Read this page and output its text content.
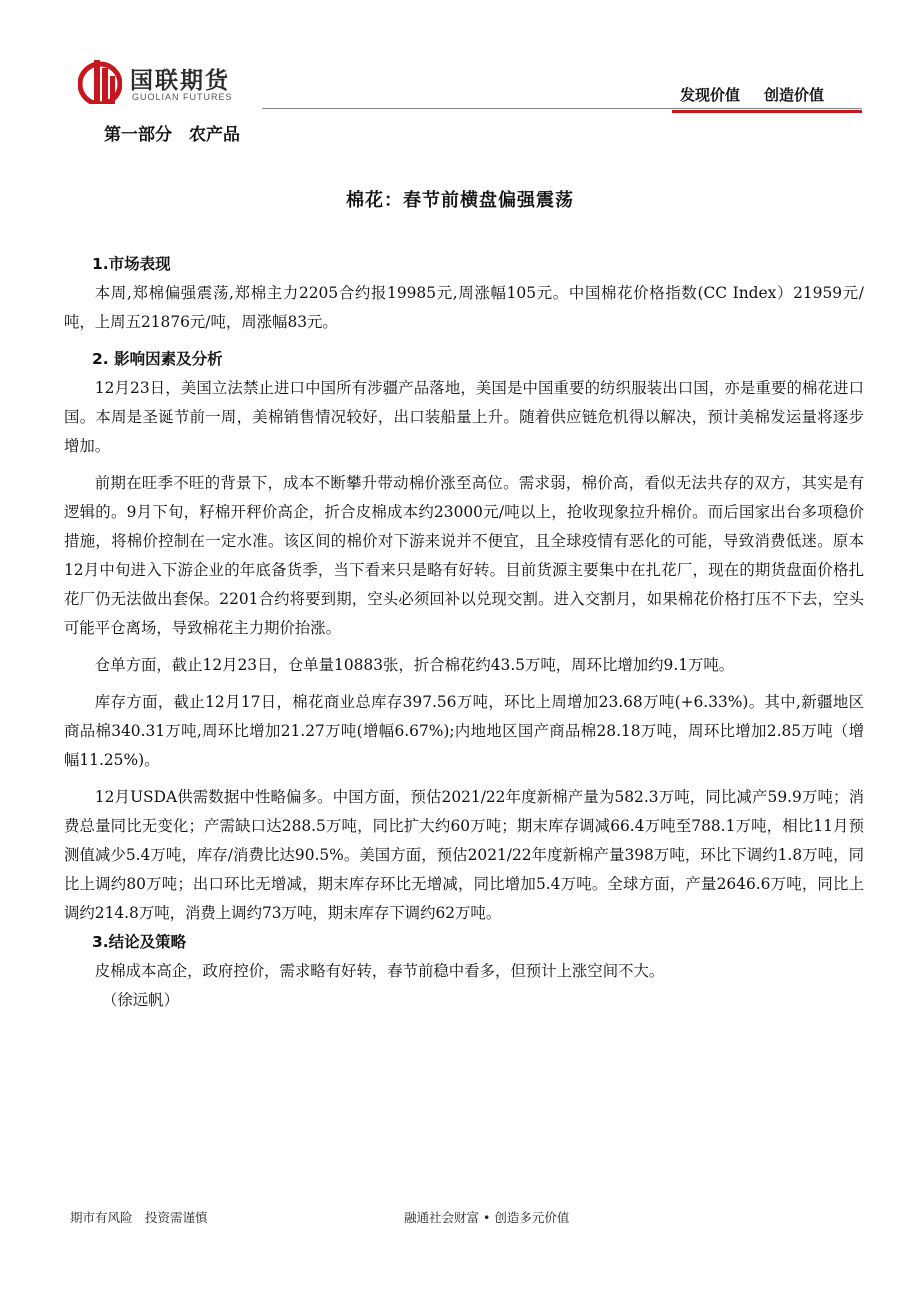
国联期货
GUOLIAN FUTURES	发现价值 创造价值
第一部分　农产品
棉花：春节前横盘偏强震荡
1.市场表现

本周,郑棉偏强震荡,郑棉主力2205合约报19985元,周涨幅105元。中国棉花价格指数(CC Index）21959元/吨，上周五21876元/吨，周涨幅83元。

2. 影响因素及分析

12月23日，美国立法禁止进口中国所有涉疆产品落地，美国是中国重要的纺织服装出口国，亦是重要的棉花进口国。本周是圣诞节前一周，美棉销售情况较好，出口装船量上升。随着供应链危机得以解决，预计美棉发运量将逐步增加。

前期在旺季不旺的背景下，成本不断攀升带动棉价涨至高位。需求弱，棉价高，看似无法共存的双方，其实是有逻辑的。9月下旬，籽棉开秤价高企，折合皮棉成本约23000元/吨以上，抢收现象拉升棉价。而后国家出台多项稳价措施，将棉价控制在一定水准。该区间的棉价对下游来说并不便宜，且全球疫情有恶化的可能，导致消费低迷。原本12月中旬进入下游企业的年底备货季，当下看来只是略有好转。目前货源主要集中在扎花厂，现在的期货盘面价格扎花厂仍无法做出套保。2201合约将要到期，空头必须回补以兑现交割。进入交割月，如果棉花价格打压不下去，空头可能平仓离场，导致棉花主力期价抬涨。

仓单方面，截止12月23日，仓单量10883张，折合棉花约43.5万吨，周环比增加约9.1万吨。

库存方面，截止12月17日，棉花商业总库存397.56万吨，环比上周增加23.68万吨(+6.33%)。其中,新疆地区商品棉340.31万吨,周环比增加21.27万吨(增幅6.67%);内地地区国产商品棉28.18万吨，周环比增加2.85万吨（增幅11.25%)。

12月USDA供需数据中性略偏多。中国方面，预估2021/22年度新棉产量为582.3万吨，同比减产59.9万吨；消费总量同比无变化；产需缺口达288.5万吨，同比扩大约60万吨；期末库存调减66.4万吨至788.1万吨，相比11月预测值减少5.4万吨，库存/消费比达90.5%。美国方面，预估2021/22年度新棉产量398万吨，环比下调约1.8万吨，同比上调约80万吨；出口环比无增减，期末库存环比无增减，同比增加5.4万吨。全球方面，产量2646.6万吨，同比上调约214.8万吨，消费上调约73万吨，期末库存下调约62万吨。

3.结论及策略

皮棉成本高企，政府控价，需求略有好转，春节前稳中看多，但预计上涨空间不大。

（徐远帆）

期市有风险　投资需谨慎	融通社会财富 • 创造多元价值
